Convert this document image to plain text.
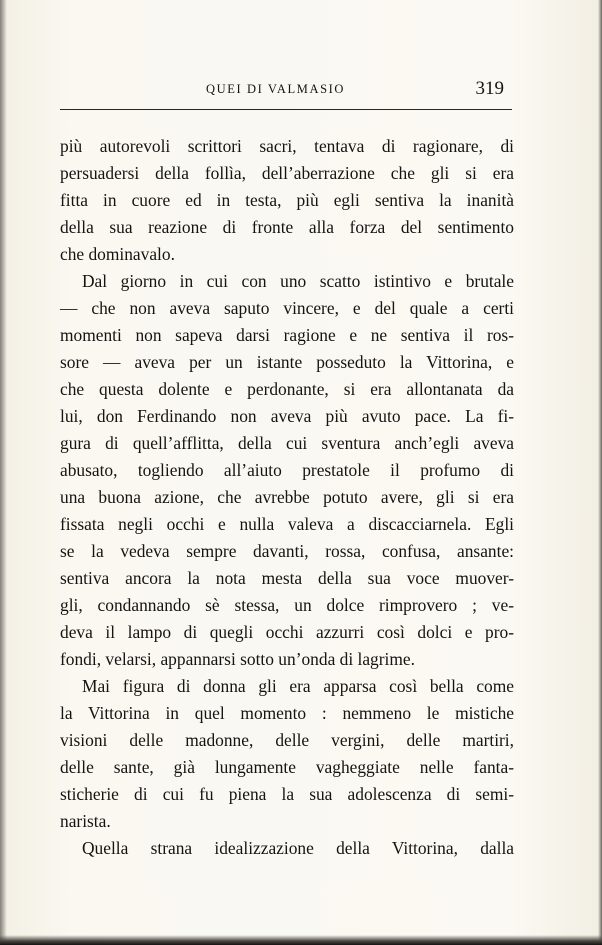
QUEI DI VALMASIO	319
più autorevoli scrittori sacri, tentava di ragionare, di
persuadersi della follìa, dell’aberrazione che gli si era
fitta in cuore ed in testa, più egli sentiva la inanità
della sua reazione di fronte alla forza del sentimento
che dominavalo.
Dal giorno in cui con uno scatto istintivo e brutale
— che non aveva saputo vincere, e del quale a certi
momenti non sapeva darsi ragione e ne sentiva il ros-
sore — aveva per un istante posseduto la Vittorina, e
che questa dolente e perdonante, si era allontanata da
lui, don Ferdinando non aveva più avuto pace. La fi-
gura di quell’afflitta, della cui sventura anch’egli aveva
abusato, togliendo all’aiuto prestatole il profumo di
una buona azione, che avrebbe potuto avere, gli si era
fissata negli occhi e nulla valeva a discacciarnela. Egli
se la vedeva sempre davanti, rossa, confusa, ansante:
sentiva ancora la nota mesta della sua voce muover-
gli, condannando sè stessa, un dolce rimprovero ; ve-
deva il lampo di quegli occhi azzurri così dolci e pro-
fondi, velarsi, appannarsi sotto un’onda di lagrime.
Mai figura di donna gli era apparsa così bella come
la Vittorina in quel momento : nemmeno le mistiche
visioni delle madonne, delle vergini, delle martiri,
delle sante, già lungamente vagheggiate nelle fanta-
sticherie di cui fu piena la sua adolescenza di semi-
narista.
Quella strana idealizzazione della Vittorina, dalla
